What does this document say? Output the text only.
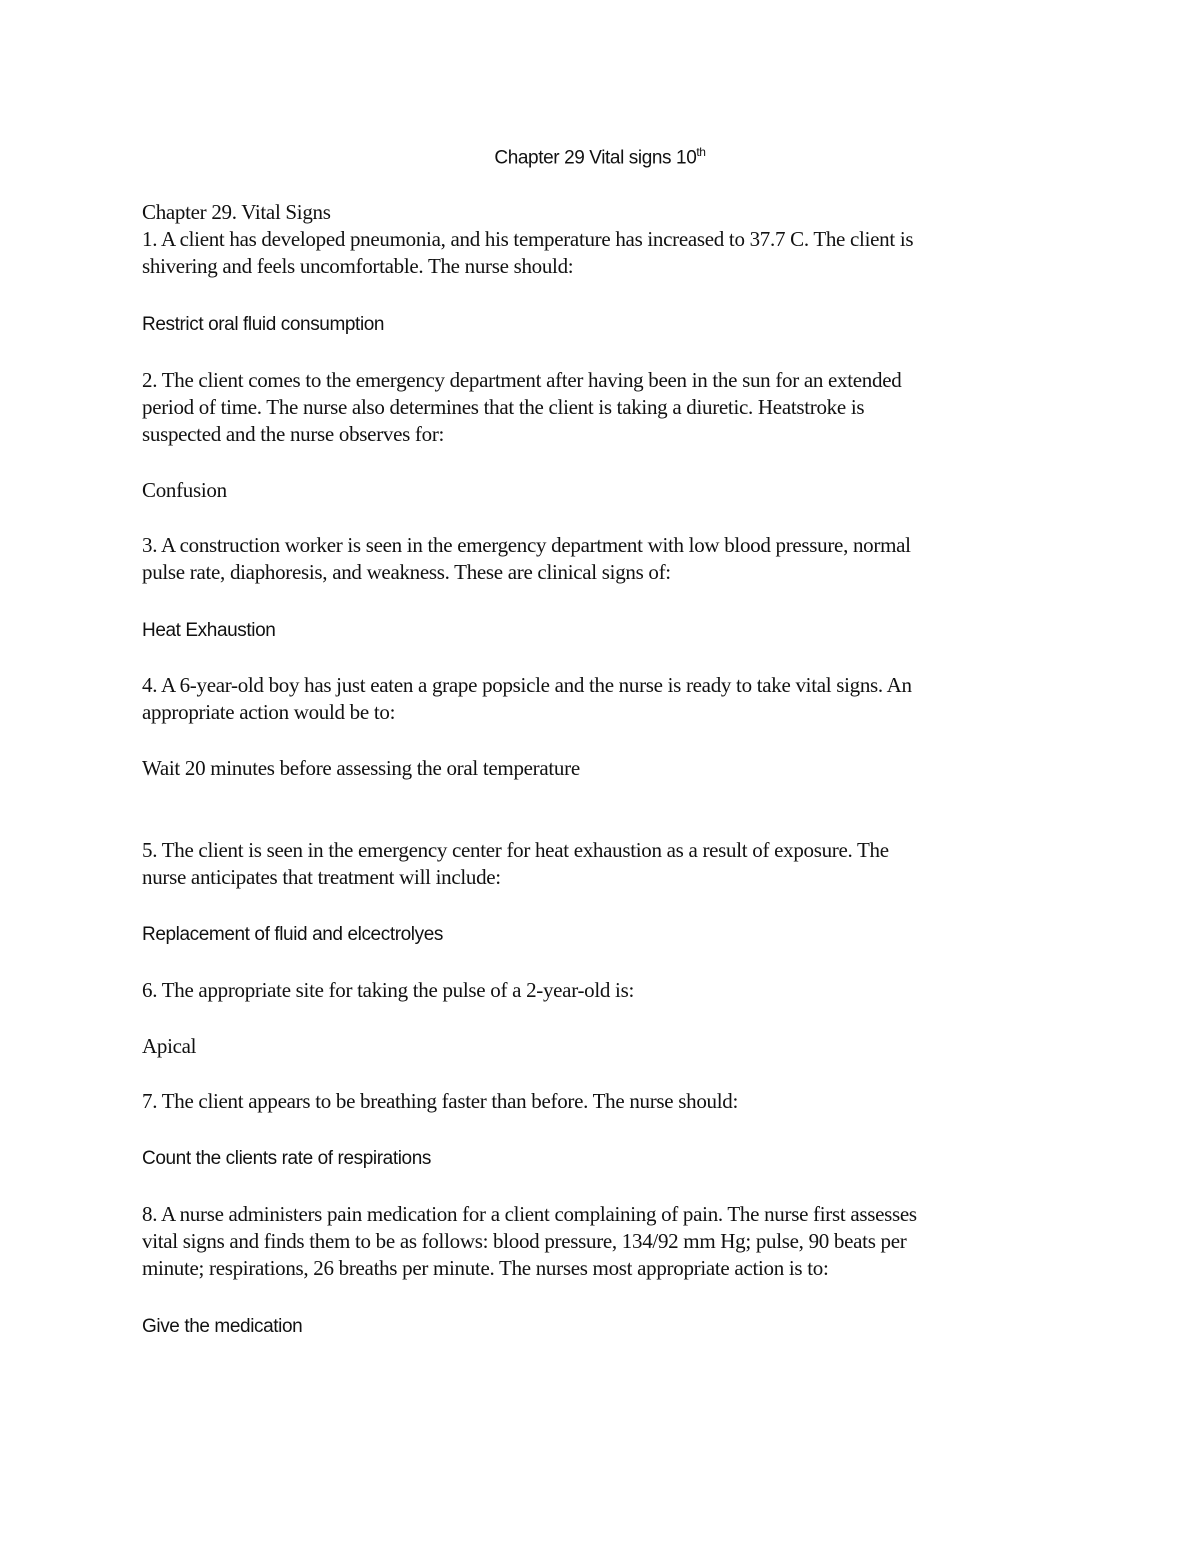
Chapter 29 Vital signs 10th
Chapter 29. Vital Signs
1. A client has developed pneumonia, and his temperature has increased to 37.7 C. The client is
shivering and feels uncomfortable. The nurse should:
Restrict oral fluid consumption
2. The client comes to the emergency department after having been in the sun for an extended
period of time. The nurse also determines that the client is taking a diuretic. Heatstroke is
suspected and the nurse observes for:
Confusion
3. A construction worker is seen in the emergency department with low blood pressure, normal
pulse rate, diaphoresis, and weakness. These are clinical signs of:
Heat Exhaustion
4. A 6-year-old boy has just eaten a grape popsicle and the nurse is ready to take vital signs. An
appropriate action would be to:
Wait 20 minutes before assessing the oral temperature
5. The client is seen in the emergency center for heat exhaustion as a result of exposure. The
nurse anticipates that treatment will include:
Replacement of fluid and elcectrolyes
6. The appropriate site for taking the pulse of a 2-year-old is:
Apical
7. The client appears to be breathing faster than before. The nurse should:
Count the clients rate of respirations
8. A nurse administers pain medication for a client complaining of pain. The nurse first assesses
vital signs and finds them to be as follows: blood pressure, 134/92 mm Hg; pulse, 90 beats per
minute; respirations, 26 breaths per minute. The nurses most appropriate action is to:
Give the medication
